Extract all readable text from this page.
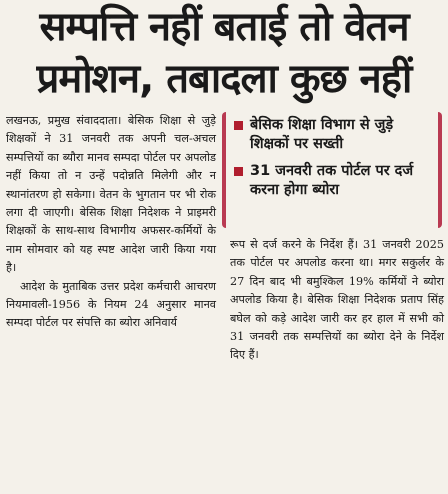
सम्पत्ति नहीं बताई तो वेतन
प्रमोशन, तबादला कुछ नहीं

लखनऊ, प्रमुख संवाददाता। बेसिक शिक्षा से जुड़े शिक्षकों ने 31 जनवरी तक अपनी चल-अचल सम्पत्तियों का ब्यौरा मानव सम्पदा पोर्टल पर अपलोड नहीं किया तो न उन्हें पदोन्नति मिलेगी और न स्थानांतरण हो सकेगा। वेतन के भुगतान पर भी रोक लगा दी जाएगी। बेसिक शिक्षा निदेशक ने प्राइमरी शिक्षकों के साथ-साथ विभागीय अफसर-कर्मियों के नाम सोमवार को यह स्पष्ट आदेश जारी किया गया है।

आदेश के मुताबिक उत्तर प्रदेश कर्मचारी आचरण नियमावली-1956 के नियम 24 अनुसार मानव सम्पदा पोर्टल पर संपत्ति का ब्योरा अनिवार्य

बेसिक शिक्षा विभाग से जुड़े शिक्षकों पर सख्ती
31 जनवरी तक पोर्टल पर दर्ज करना होगा ब्योरा

रूप से दर्ज करने के निर्देश हैं। 31 जनवरी 2025 तक पोर्टल पर अपलोड करना था। मगर सकुर्लर के 27 दिन बाद भी बमुश्किल 19% कर्मियों ने ब्योरा अपलोड किया है। बेसिक शिक्षा निदेशक प्रताप सिंह बघेल को कड़े आदेश जारी कर हर हाल में सभी को 31 जनवरी तक सम्पत्तियों का ब्योरा देने के निर्देश दिए हैं।
